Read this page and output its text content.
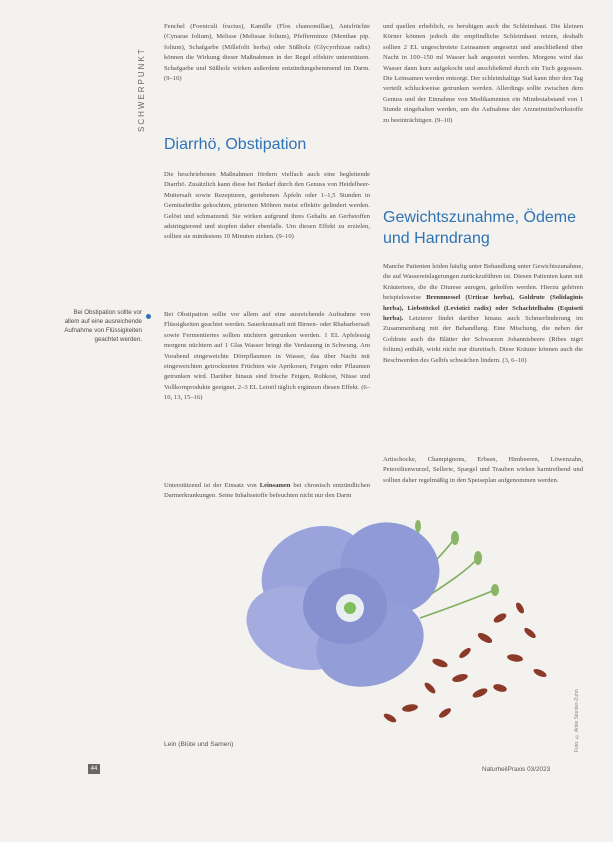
SCHWERPUNKT

Fenchel (Foeniculi fructus), Kamille (Flos chamomillae), Anisfrüchte (Cynarae folium), Melisse (Melissae folium), Pfefferminze (Menthae pip. folium), Schafgarbe (Millefolii herba) oder Süßholz (Glycyrrhizae radix) können die Wirkung dieser Maßnahmen in der Regel effektiv unterstützen. Schafgarbe und Süßholz wirken außerdem entzündungshemmend im Darm. (9–10)

Diarrhö, Obstipation

Die beschriebenen Maßnahmen fördern vielfach auch eine begleitende Diarrhö. Zusätzlich kann diese bei Bedarf durch den Genuss von Heidelbeer-Muttersaft sowie Rezepturen, geriebenen Äpfeln oder 1–1,5 Stunden in Gemüsebrühe gekochten, pürierten Möhren meist effektiv gelindert werden. Gelöst und schmatzend. Sie wirken aufgrund ihres Gehalts an Gerbstoffen adstringierend und stopfen daher ebenfalls. Um diesen Effekt zu erzielen, sollten sie mindestens 10 Minuten ziehen. (9–10)

Bei Obstipation sollte vor allem auf eine ausreichende Aufnahme von Flüssigkeiten geachtet werden.

Bei Obstipation sollte vor allem auf eine ausreichende Aufnahme von Flüssigkeiten geachtet werden. Sauerkrautsaft mit Birnen- oder Rhabarbersaft sowie Fermentiertes sollten nüchtern getrunken werden. 1 EL Apfelessig morgens nüchtern auf 1 Glas Wasser bringt die Verdauung in Schwung. Am Vorabend eingeweichte Dörrpflaumen in Wasser, das über Nacht mit eingeweichten getrockneten Früchten wie Aprikosen, Feigen oder Pflaumen getrunken wird. Darüber hinaus sind frische Feigen, Rohkost, Nüsse und Vollkornprodukte geeignet. 2–3 EL Leinöl täglich ergänzen diesen Effekt. (6–10, 13, 15–16)

Unterstützend ist der Einsatz von Leinsamen bei chronisch entzündlichen Darmerkrankungen. Seine Inhaltsstoffe befeuchten nicht nur den Darm

und quellen erheblich, es beruhigen auch die Schleimhaut. Die kleinen Körner können jedoch die empfindliche Schleimhaut reizen, deshalb sollten 2 EL ungeschrotete Leinsamen angesetzt und anschließend über Nacht in 100–150 ml Wasser kalt angesetzt werden. Morgens wird das Wasser dann kurz aufgekocht und anschließend durch ein Tuch gegossen. Die Leinsamen werden entsorgt. Der schleimhaltige Sud kann über den Tag verteilt schluckweise getrunken werden. Allerdings sollte zwischen dem Genuss und der Einnahme von Medikamenten ein Mindestabstand von 1 Stunde eingehalten werden, um die Aufnahme der Arzneimittelwirkstoffe zu beeinträchtigen. (9–10)

Gewichtszunahme, Ödeme und Harndrang

Manche Patienten leiden häufig unter Behandlung unter Gewichtszunahme, die auf Wassereinlagerungen zurückzuführen ist. Diesen Patienten kann mit Kräutertees, die die Diurese anregen, geholfen werden. Hierzu gehören beispielsweise Brennnessel (Urticae herba), Goldrute (Solidaginis herba), Liebstöckel (Levistici radix) oder Schachtelhalm (Equiseti herba). Letzterer findet darüber hinaus auch Schmerlinderung im Zusammenhang mit der Behandlung. Eine Mischung, die neben der Goldrute auch die Blätter der Schwarzen Johannisbeere (Ribes nigri folium) enthält, wirkt nicht nur diuretisch. Diese Kräuter können auch die Beschwerden des Gelbfs schwächen lindern. (3, 6–10)

Artischocke, Champignons, Erbsen, Himbeeren, Löwenzahn, Petersilienwurzel, Sellerie, Spargel und Trauben wirken harntreibend und sollten daher regelmäßig in den Speiseplan aufgenommen werden.

Foto: © Anke Stocker-Zuhn
Lein (Blüte und Samen)
44	NaturheilPraxis 03/2023
